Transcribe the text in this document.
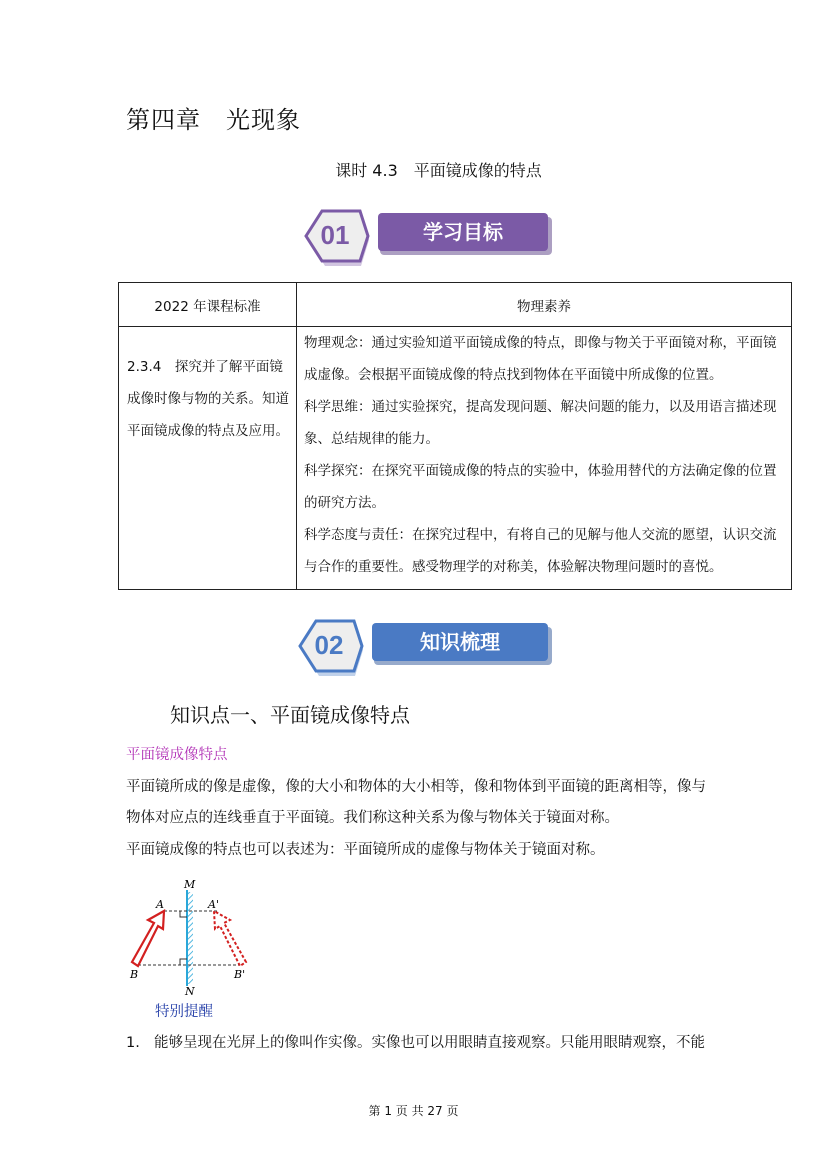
第四章　光现象
课时 4.3　平面镜成像的特点
01	学习目标
2022 年课程标准	物理素养
2.3.4　探究并了解平面镜成像时像与物的关系。知道平面镜成像的特点及应用。	物理观念：通过实验知道平面镜成像的特点，即像与物关于平面镜对称，平面镜成虚像。会根据平面镜成像的特点找到物体在平面镜中所成像的位置。
科学思维：通过实验探究，提高发现问题、解决问题的能力，以及用语言描述现象、总结规律的能力。
科学探究：在探究平面镜成像的特点的实验中，体验用替代的方法确定像的位置的研究方法。
科学态度与责任：在探究过程中，有将自己的见解与他人交流的愿望，认识交流与合作的重要性。感受物理学的对称美，体验解决物理问题时的喜悦。
02	知识梳理
知识点一、平面镜成像特点
平面镜成像特点
平面镜所成的像是虚像，像的大小和物体的大小相等，像和物体到平面镜的距离相等，像与
物体对应点的连线垂直于平面镜。我们称这种关系为像与物体关于镜面对称。
平面镜成像的特点也可以表述为：平面镜所成的虚像与物体关于镜面对称。
M
N
A	A'
B	B'
特别提醒
1. 能够呈现在光屏上的像叫作实像。实像也可以用眼睛直接观察。只能用眼睛观察，不能
第 1 页 共 27 页
